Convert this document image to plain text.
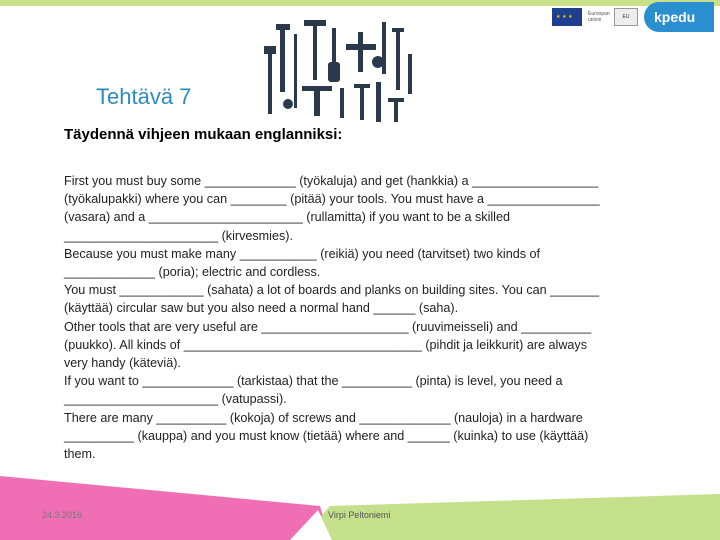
★ ★ ★
Euroopan unioni	EU	kpedu
Tehtävä 7

Täydennä vihjeen mukaan englanniksi:

First you must buy some _____________ (työkaluja) and get (hankkia) a __________________
(työkalupakki) where you can ________ (pitää) your tools. You must have a ________________
(vasara) and a ______________________ (rullamitta) if you want to be a skilled
______________________ (kirvesmies).
Because you must make many ___________ (reikiä) you need (tarvitset) two kinds of
_____________ (poria); electric and cordless.
You must ____________ (sahata) a lot of boards and planks on building sites. You can _______
(käyttää) circular saw but you also need a normal hand ______ (saha).
Other tools that are very useful are _____________________ (ruuvimeisseli) and __________
(puukko). All kinds of __________________________________ (pihdit ja leikkurit) are always
very handy (käteviä).
If you want to _____________ (tarkistaa) that the __________ (pinta) is level, you need a
______________________ (vatupassi).
There are many __________ (kokoja) of screws and _____________ (nauloja) in a hardware
__________ (kauppa) and you must know (tietää) where and ______ (kuinka) to use (käyttää)
them.
24.3.2016	Virpi Peltoniemi
